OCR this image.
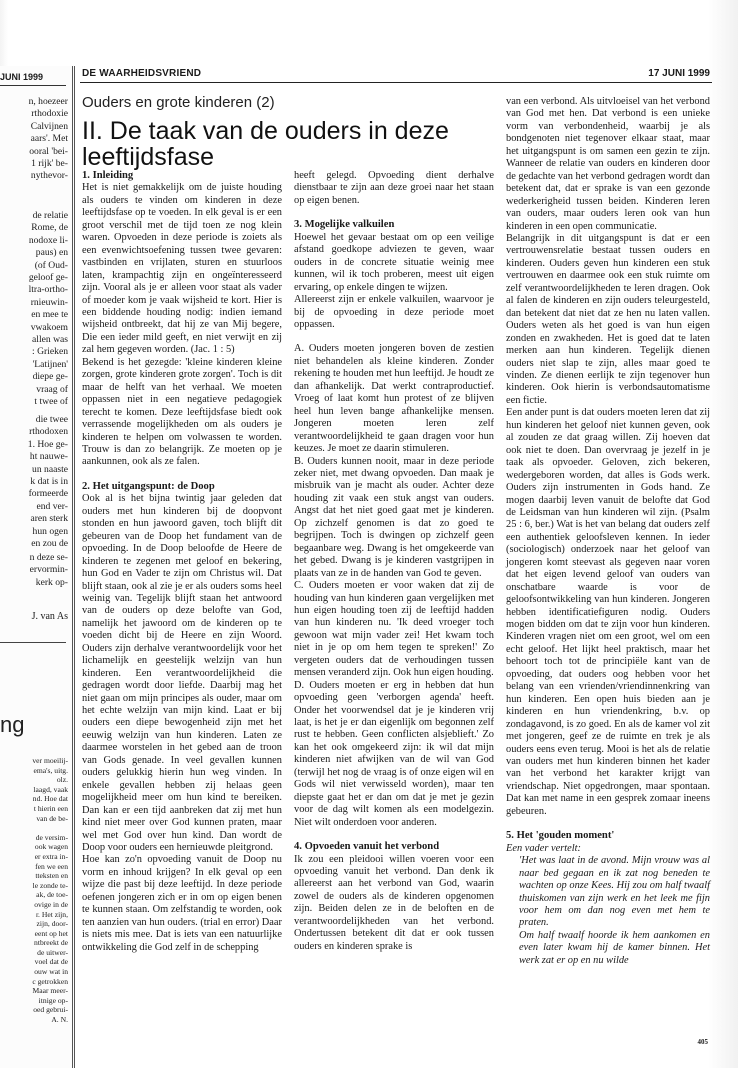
JUNI 1999
n, hoezeer
rthodoxie
Calvijnen
aars'. Met
ooral 'bei-
1 rijk' be-
nythevor-
de relatie
Rome, de
nodoxe li-
paus) en
(of Oud-
geloof ge-
ltra-ortho-
rnieuwin-
en mee te
vwakoem
allen was
: Grieken
'Latijnen'
diepe ge-
vraag of
t twee of
die twee
rthodoxen
1. Hoe ge-
ht nauwe-
un naaste
k dat is in
formeerde
end ver-
aren sterk
hun ogen
en zou de
n deze se-
ervormin-
kerk op-
J. van As
ng
ver moeilij-
ema's, uitg.
olz.
laagd, vaak
nd. Hoe dat
t hierin een
van de be-

de versim-
ook wagen
er extra in-
fen we een
tteksten en
le zonde te-
ak, de toe-
ovige in de
r. Het zijn,
zijn, door-
eent op het
ntbreekt de
de uitwer-
voel dat de
ouw wat in
c getrokken
Maar meer-
itnige op-
oed gebrui-
A. N.
DE WAARHEIDSVRIEND	17 JUNI 1999
Ouders en grote kinderen (2)
II. De taak van de ouders in deze leeftijdsfase
1. Inleiding

Het is niet gemakkelijk om de juiste houding als ouders te vinden om kinderen in deze leeftijdsfase op te voeden. In elk geval is er een groot verschil met de tijd toen ze nog klein waren. Opvoeden in deze periode is zoiets als een evenwichtsoefening tussen twee gevaren: vastbinden en vrijlaten, sturen en stuurloos laten, krampachtig zijn en ongeïnteresseerd zijn. Vooral als je er alleen voor staat als vader of moeder kom je vaak wijsheid te kort. Hier is een biddende houding nodig: indien iemand wijsheid ontbreekt, dat hij ze van Mij begere, Die een ieder mild geeft, en niet verwijt en zij zal hem gegeven worden. (Jac. 1 : 5)

Bekend is het gezegde: 'kleine kinderen kleine zorgen, grote kinderen grote zorgen'. Toch is dit maar de helft van het verhaal. We moeten oppassen niet in een negatieve pedagogiek terecht te komen. Deze leeftijdsfase biedt ook verrassende mogelijkheden om als ouders je kinderen te helpen om volwassen te worden. Trouw is dan zo belangrijk. Ze moeten op je aankunnen, ook als ze falen.

2. Het uitgangspunt: de Doop

Ook al is het bijna twintig jaar geleden dat ouders met hun kinderen bij de doopvont stonden en hun jawoord gaven, toch blijft dit gebeuren van de Doop het fundament van de opvoeding. In de Doop beloofde de Heere de kinderen te zegenen met geloof en bekering, hun God en Vader te zijn om Christus wil. Dat blijft staan, ook al zie je er als ouders soms heel weinig van. Tegelijk blijft staan het antwoord van de ouders op deze belofte van God, namelijk het jawoord om de kinderen op te voeden dicht bij de Heere en zijn Woord. Ouders zijn derhalve verantwoordelijk voor het lichamelijk en geestelijk welzijn van hun kinderen. Een verantwoordelijkheid die gedragen wordt door liefde. Daarbij mag het niet gaan om mijn principes als ouder, maar om het echte welzijn van mijn kind. Laat er bij ouders een diepe bewogenheid zijn met het eeuwig welzijn van hun kinderen. Laten ze daarmee worstelen in het gebed aan de troon van Gods genade. In veel gevallen kunnen ouders gelukkig hierin hun weg vinden. In enkele gevallen hebben zij helaas geen mogelijkheid meer om hun kind te bereiken. Dan kan er een tijd aanbreken dat zij met hun kind niet meer over God kunnen praten, maar wel met God over hun kind. Dan wordt de Doop voor ouders een hernieuwde pleitgrond.

Hoe kan zo'n opvoeding vanuit de Doop nu vorm en inhoud krijgen? In elk geval op een wijze die past bij deze leeftijd. In deze periode oefenen jongeren zich er in om op eigen benen te kunnen staan. Om zelfstandig te worden, ook ten aanzien van hun ouders. (trial en error) Daar is niets mis mee. Dat is iets van een natuurlijke ontwikkeling die God zelf in de schepping

heeft gelegd. Opvoeding dient derhalve dienstbaar te zijn aan deze groei naar het staan op eigen benen.

3. Mogelijke valkuilen

Hoewel het gevaar bestaat om op een veilige afstand goedkope adviezen te geven, waar ouders in de concrete situatie weinig mee kunnen, wil ik toch proberen, meest uit eigen ervaring, op enkele dingen te wijzen.

Allereerst zijn er enkele valkuilen, waarvoor je bij de opvoeding in deze periode moet oppassen.

A. Ouders moeten jongeren boven de zestien niet behandelen als kleine kinderen. Zonder rekening te houden met hun leeftijd. Je houdt ze dan afhankelijk. Dat werkt contraproductief. Vroeg of laat komt hun protest of ze blijven heel hun leven bange afhankelijke mensen. Jongeren moeten leren zelf verantwoordelijkheid te gaan dragen voor hun keuzes. Je moet ze daarin stimuleren.

B. Ouders kunnen nooit, maar in deze periode zeker niet, met dwang opvoeden. Dan maak je misbruik van je macht als ouder. Achter deze houding zit vaak een stuk angst van ouders. Angst dat het niet goed gaat met je kinderen. Op zichzelf genomen is dat zo goed te begrijpen. Toch is dwingen op zichzelf geen begaanbare weg. Dwang is het omgekeerde van het gebed. Dwang is je kinderen vastgrijpen in plaats van ze in de handen van God te geven.

C. Ouders moeten er voor waken dat zij de houding van hun kinderen gaan vergelijken met hun eigen houding toen zij de leeftijd hadden van hun kinderen nu. 'Ik deed vroeger toch gewoon wat mijn vader zei! Het kwam toch niet in je op om hem tegen te spreken!' Zo vergeten ouders dat de verhoudingen tussen mensen veranderd zijn. Ook hun eigen houding.

D. Ouders moeten er erg in hebben dat hun opvoeding geen 'verborgen agenda' heeft. Onder het voorwendsel dat je je kinderen vrij laat, is het je er dan eigenlijk om begonnen zelf rust te hebben. Geen conflicten alsjeblieft.' Zo kan het ook omgekeerd zijn: ik wil dat mijn kinderen niet afwijken van de wil van God (terwijl het nog de vraag is of onze eigen wil en Gods wil niet verwisseld worden), maar ten diepste gaat het er dan om dat je met je gezin voor de dag wilt komen als een modelgezin. Niet wilt onderdoen voor anderen.

4. Opvoeden vanuit het verbond

Ik zou een pleidooi willen voeren voor een opvoeding vanuit het verbond. Dan denk ik allereerst aan het verbond van God, waarin zowel de ouders als de kinderen opgenomen zijn. Beiden delen ze in de beloften en de verantwoordelijkheden van het verbond. Ondertussen betekent dit dat er ook tussen ouders en kinderen sprake is

van een verbond. Als uitvloeisel van het verbond van God met hen. Dat verbond is een unieke vorm van verbondenheid, waarbij je als bondgenoten niet tegenover elkaar staat, maar het uitgangspunt is om samen een gezin te zijn. Wanneer de relatie van ouders en kinderen door de gedachte van het verbond gedragen wordt dan betekent dat, dat er sprake is van een gezonde wederkerigheid tussen beiden. Kinderen leren van ouders, maar ouders leren ook van hun kinderen in een open communicatie.

Belangrijk in dit uitgangspunt is dat er een vertrouwensrelatie bestaat tussen ouders en kinderen. Ouders geven hun kinderen een stuk vertrouwen en daarmee ook een stuk ruimte om zelf verantwoordelijkheden te leren dragen. Ook al falen de kinderen en zijn ouders teleurgesteld, dan betekent dat niet dat ze hen nu laten vallen. Ouders weten als het goed is van hun eigen zonden en zwakheden. Het is goed dat te laten merken aan hun kinderen. Tegelijk dienen ouders niet slap te zijn, alles maar goed te vinden. Ze dienen eerlijk te zijn tegenover hun kinderen. Ook hierin is verbondsautomatisme een fictie.

Een ander punt is dat ouders moeten leren dat zij hun kinderen het geloof niet kunnen geven, ook al zouden ze dat graag willen. Zij hoeven dat ook niet te doen. Dan overvraag je jezelf in je taak als opvoeder. Geloven, zich bekeren, wedergeboren worden, dat alles is Gods werk. Ouders zijn instrumenten in Gods hand. Ze mogen daarbij leven vanuit de belofte dat God de Leidsman van hun kinderen wil zijn. (Psalm 25 : 6, ber.) Wat is het van belang dat ouders zelf een authentiek geloofsleven kennen. In ieder (sociologisch) onderzoek naar het geloof van jongeren komt steevast als gegeven naar voren dat het eigen levend geloof van ouders van onschatbare waarde is voor de geloofsontwikkeling van hun kinderen. Jongeren hebben identificatiefiguren nodig. Ouders mogen bidden om dat te zijn voor hun kinderen. Kinderen vragen niet om een groot, wel om een echt geloof. Het lijkt heel praktisch, maar het behoort toch tot de principiële kant van de opvoeding, dat ouders oog hebben voor het belang van een vrienden/vriendinnenkring van hun kinderen. Een open huis bieden aan je kinderen en hun vriendenkring, b.v. op zondagavond, is zo goed. En als de kamer vol zit met jongeren, geef ze de ruimte en trek je als ouders eens even terug. Mooi is het als de relatie van ouders met hun kinderen binnen het kader van het verbond het karakter krijgt van vriendschap. Niet opgedrongen, maar spontaan. Dat kan met name in een gesprek zomaar ineens gebeuren.

5. Het 'gouden moment'

Een vader vertelt:

'Het was laat in de avond. Mijn vrouw was al naar bed gegaan en ik zat nog beneden te wachten op onze Kees. Hij zou om half twaalf thuiskomen van zijn werk en het leek me fijn voor hem om dan nog even met hem te praten.

Om half twaalf hoorde ik hem aankomen en even later kwam hij de kamer binnen. Het werk zat er op en nu wilde

405
